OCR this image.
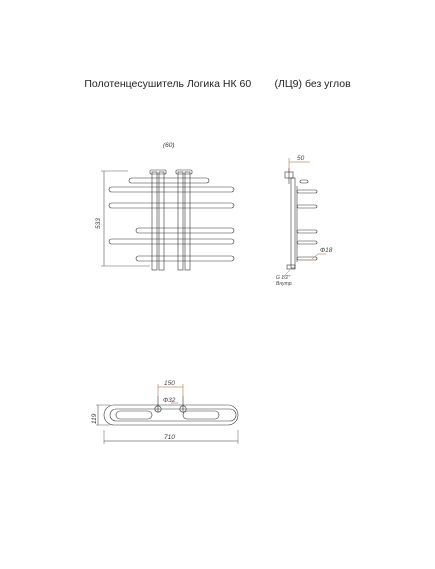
Полотенцесушитель Логика НК 60 (ЛЦ9) без углов
(60)
533
50
Ф18
G 1/2"
Внутр.
150
Ф32
710
119
